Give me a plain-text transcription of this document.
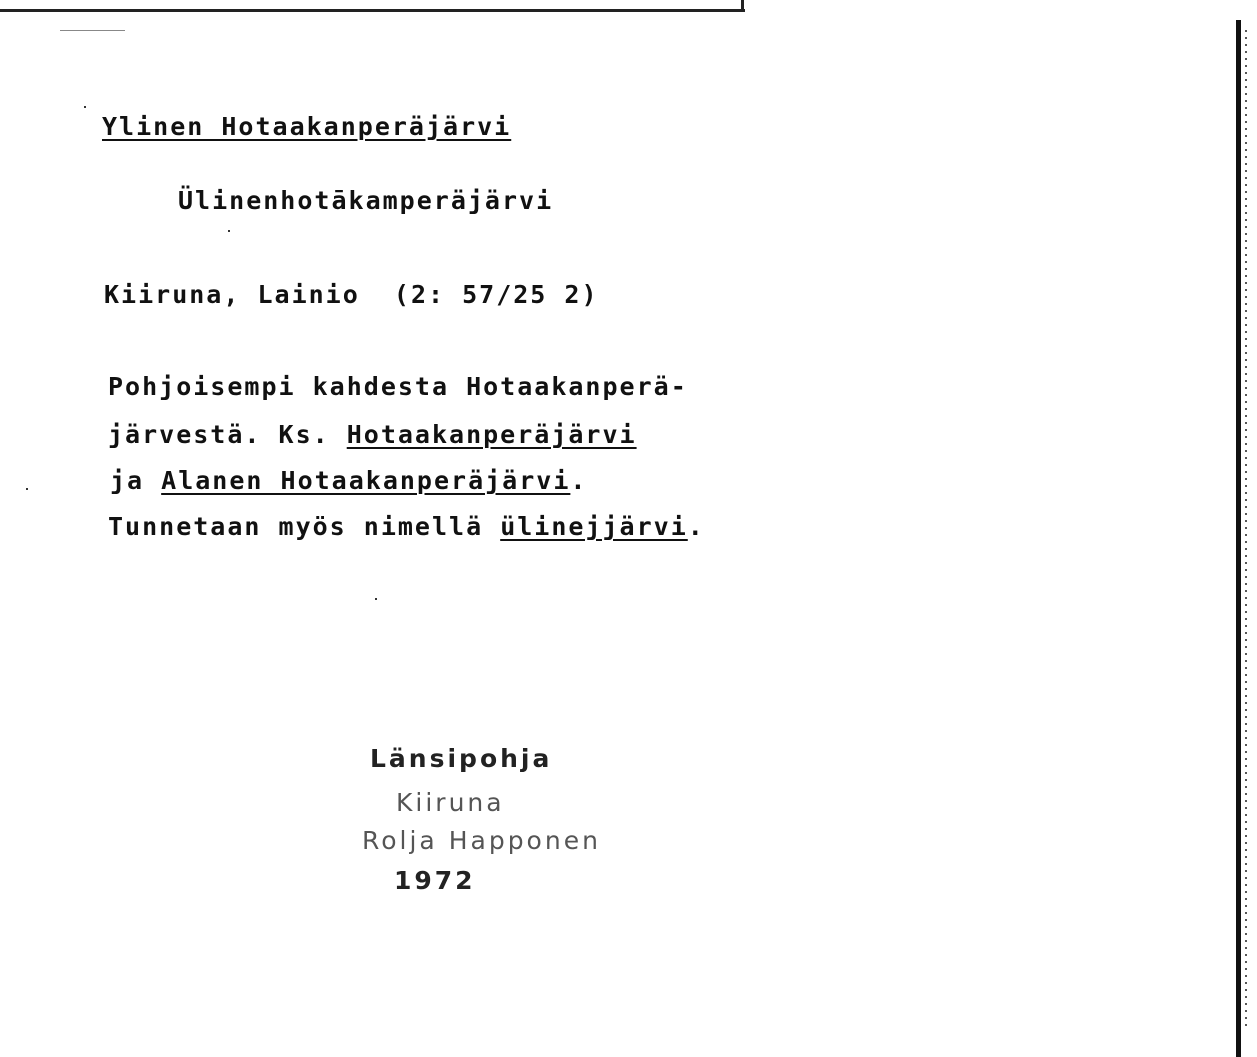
Ylinen Hotaakanperäjärvi
Ülinenhotākamperäjärvi
Kiiruna, Lainio (2: 57/25 2)
Pohjoisempi kahdesta Hotaakanperä-
järvestä. Ks. Hotaakanperäjärvi
ja Alanen Hotaakanperäjärvi.
Tunnetaan myös nimellä ülinejjärvi.
Länsipohja
Kiiruna
Rolja Happonen
1972
